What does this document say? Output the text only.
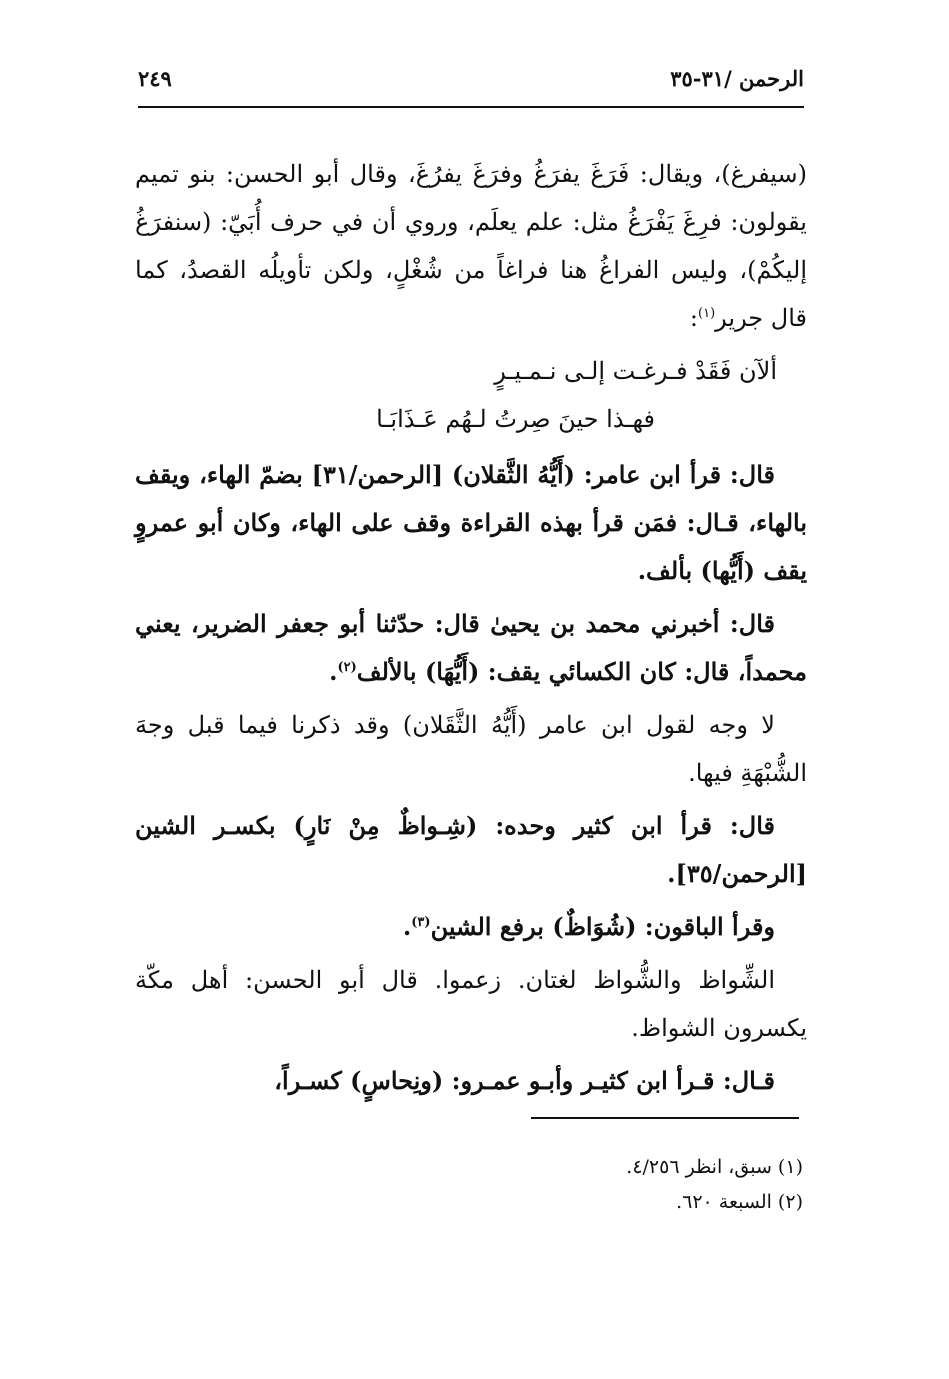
الرحمن /٣١-٣٥
٢٤٩

(سيفرغ)، ويقال: فَرَغَ يفرَغُ وفرَغَ يفرُغَ، وقال أبو الحسن: بنو تميم يقولون: فرِغَ يَفْرَغُ مثل: علم يعلَم، وروي أن في حرف أُبَيّ: (سنفرَغُ إليكُمْ)، وليس الفراغُ هنا فراغاً من شُغْلٍ، ولكن تأويلُه القصدُ، كما قال جرير$^{(١)}$:

ألآن فَقَدْ فـرغـت إلـى نـمـيـرٍ
فهـذا حينَ صِرتُ لـهُم عَـذَابَـا

قال: قرأ ابن عامر: (أَيُّهُ الثَّقلان) [الرحمن/٣١] بضمّ الهاء، ويقف بالهاء، قـال: فمَن قرأ بهذه القراءة وقف على الهاء، وكان أبو عمروٍ يقف (أَيُّها) بألف.

قال: أخبرني محمد بن يحيىٰ قال: حدّثنا أبو جعفر الضرير، يعني محمداً، قال: كان الكسائي يقف: (أَيُّهَا) بالألف$^{(٢)}$.

لا وجه لقول ابن عامر (أَيُّهُ الثَّقَلان) وقد ذكرنا فيما قبل وجهَ الشُّبْهَةِ فيها.

قال: قرأ ابن كثير وحده: (شِـواظٌ مِنْ نَارٍ) بكسـر الشين [الرحمن/٣٥].

وقرأ الباقون: (شُوَاظٌ) برفع الشين$^{(٣)}$.

الشِّواظ والشُّواظ لغتان. زعموا. قال أبو الحسن: أهل مكّة يكسرون الشواظ.

قـال: قـرأ ابن كثيـر وأبـو عمـرو: (ونِحاسٍ) كسـراً،

(١) سبق، انظر ٤/٢٥٦.
(٢) السبعة ٦٢٠.
